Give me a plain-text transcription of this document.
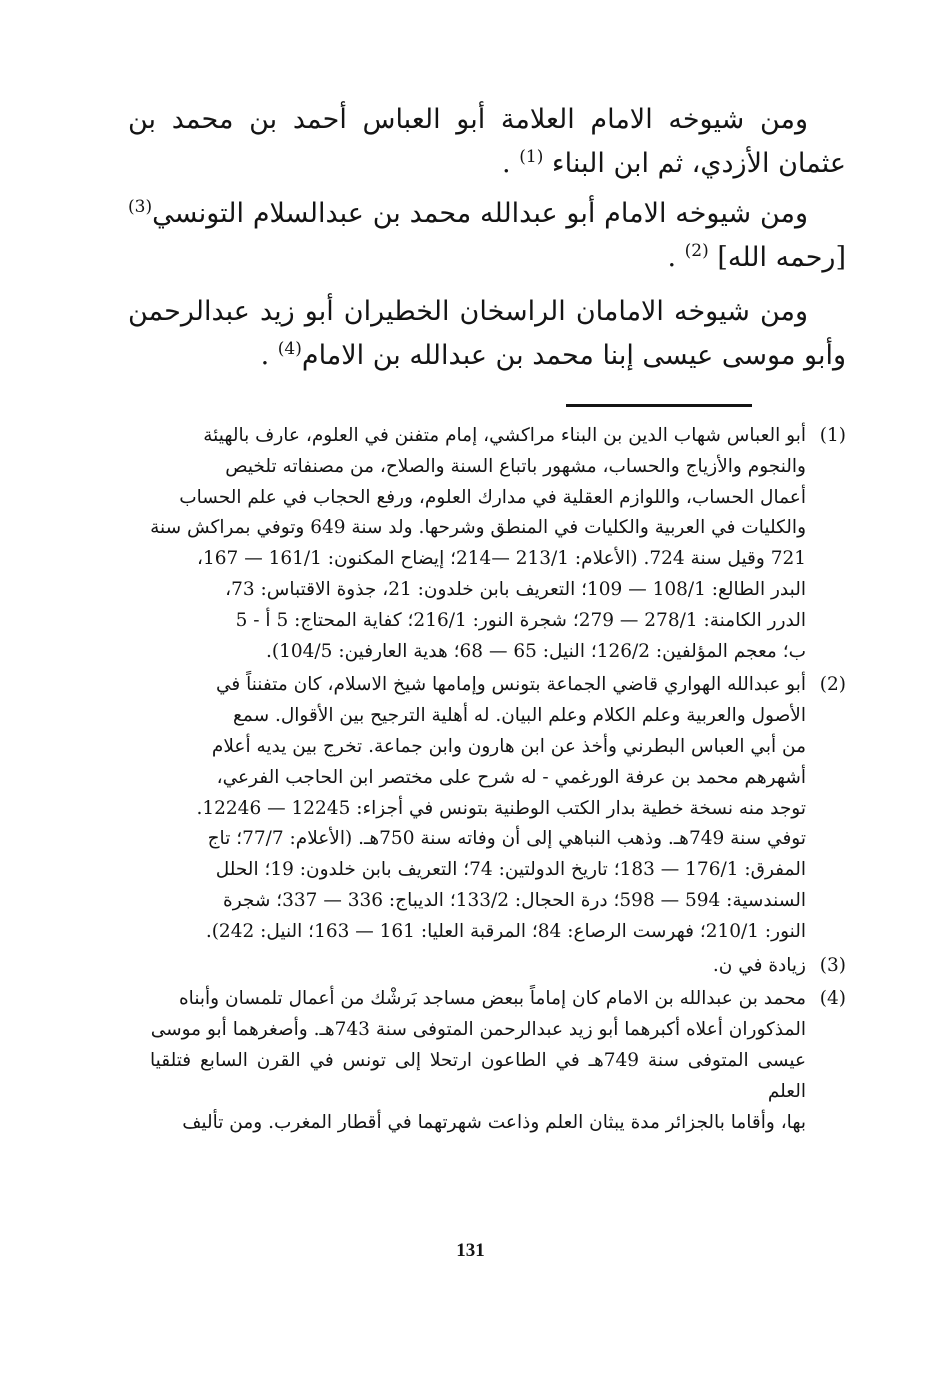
ومن شيوخه الامام العلامة أبو العباس أحمد بن محمد بن عثمان الأزدي، ثم ابن البناء $^{(1)}$ .

ومن شيوخه الامام أبو عبدالله محمد بن عبدالسلام التونسي$^{(3)}$ [رحمه الله] $^{(2)}$ .

ومن شيوخه الامامان الراسخان الخطيران أبو زيد عبدالرحمن وأبو موسى عيسى إبنا محمد بن عبدالله بن الامام$^{(4)}$ .

(1)
أبو العباس شهاب الدين بن البناء مراكشي، إمام متفنن في العلوم، عارف بالهيئة
والنجوم والأزياج والحساب، مشهور باتباع السنة والصلاح، من مصنفاته تلخيص
أعمال الحساب، واللوازم العقلية في مدارك العلوم، ورفع الحجاب في علم الحساب
والكليات في العربية والكليات في المنطق وشرحها. ولد سنة 649 وتوفي بمراكش سنة
721 وقيل سنة 724. (الأعلام: 213/1 —214؛ إيضاح المكنون: 161/1 — 167،
البدر الطالع: 108/1 — 109؛ التعريف بابن خلدون: 21، جذوة الاقتباس: 73،
الدرر الكامنة: 278/1 — 279؛ شجرة النور: 216/1؛ كفاية المحتاج: 5 أ - 5
ب؛ معجم المؤلفين: 126/2؛ النيل: 65 — 68؛ هدية العارفين: 104/5).
(2)
أبو عبدالله الهواري قاضي الجماعة بتونس وإمامها شيخ الاسلام، كان متفنناً في
الأصول والعربية وعلم الكلام وعلم البيان. له أهلية الترجيح بين الأقوال. سمع
من أبي العباس البطرني وأخذ عن ابن هارون وابن جماعة. تخرج بين يديه أعلام
أشهرهم محمد بن عرفة الورغمي - له شرح على مختصر ابن الحاجب الفرعي،
توجد منه نسخة خطية بدار الكتب الوطنية بتونس في أجزاء: 12245 — 12246.
توفي سنة 749هـ. وذهب النباهي إلى أن وفاته سنة 750هـ. (الأعلام: 77/7؛ تاج
المفرق: 176/1 — 183؛ تاريخ الدولتين: 74؛ التعريف بابن خلدون: 19؛ الحلل
السندسية: 594 — 598؛ درة الحجال: 133/2؛ الديباج: 336 — 337؛ شجرة
النور: 210/1؛ فهرست الرصاع: 84؛ المرقبة العليا: 161 — 163؛ النيل: 242).
(3)
زيادة في ن.
(4)
محمد بن عبدالله بن الامام كان إماماً ببعض مساجد بَرشْك من أعمال تلمسان وأبناه
المذكوران أعلاه أكبرهما أبو زيد عبدالرحمن المتوفى سنة 743هـ. وأصغرهما أبو موسى
عيسى المتوفى سنة 749هـ في الطاعون ارتحلا إلى تونس في القرن السابع فتلقيا العلم
بها، وأقاما بالجزائر مدة يبثان العلم وذاعت شهرتهما في أقطار المغرب. ومن تأليف
131
